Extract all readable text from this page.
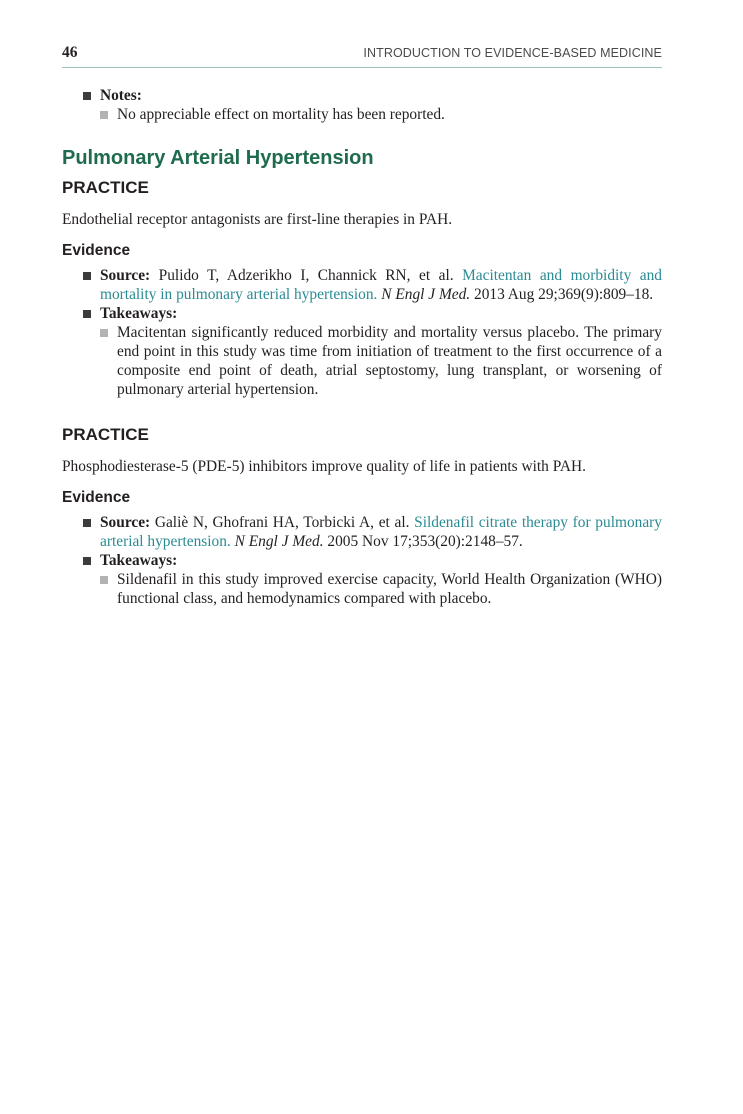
46	INTRODUCTION TO EVIDENCE-BASED MEDICINE
Notes:
No appreciable effect on mortality has been reported.
Pulmonary Arterial Hypertension
PRACTICE

Endothelial receptor antagonists are first-line therapies in PAH.

Evidence
Source: Pulido T, Adzerikho I, Channick RN, et al. Macitentan and morbidity and mortality in pulmonary arterial hypertension. N Engl J Med. 2013 Aug 29;369(9):809–18.
Takeaways:
Macitentan significantly reduced morbidity and mortality versus placebo. The primary end point in this study was time from initiation of treatment to the first occurrence of a composite end point of death, atrial septostomy, lung transplant, or worsening of pulmonary arterial hypertension.
PRACTICE

Phosphodiesterase-5 (PDE-5) inhibitors improve quality of life in patients with PAH.

Evidence
Source: Galiè N, Ghofrani HA, Torbicki A, et al. Sildenafil citrate therapy for pulmonary arterial hypertension. N Engl J Med. 2005 Nov 17;353(20):2148–57.
Takeaways:
Sildenafil in this study improved exercise capacity, World Health Organization (WHO) functional class, and hemodynamics compared with placebo.
